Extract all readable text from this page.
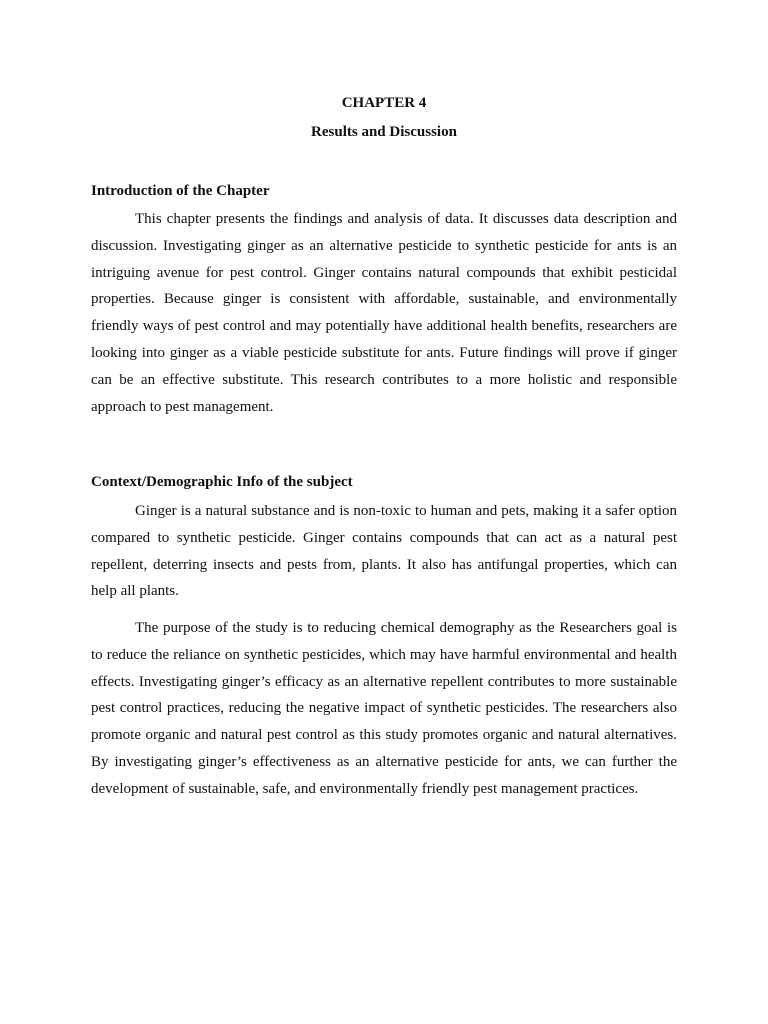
CHAPTER 4
Results and Discussion
Introduction of the Chapter

This chapter presents the findings and analysis of data. It discusses data description and discussion. Investigating ginger as an alternative pesticide to synthetic pesticide for ants is an intriguing avenue for pest control. Ginger contains natural compounds that exhibit pesticidal properties. Because ginger is consistent with affordable, sustainable, and environmentally friendly ways of pest control and may potentially have additional health benefits, researchers are looking into ginger as a viable pesticide substitute for ants. Future findings will prove if ginger can be an effective substitute. This research contributes to a more holistic and responsible approach to pest management.

Context/Demographic Info of the subject

Ginger is a natural substance and is non-toxic to human and pets, making it a safer option compared to synthetic pesticide. Ginger contains compounds that can act as a natural pest repellent, deterring insects and pests from, plants. It also has antifungal properties, which can help all plants.

The purpose of the study is to reducing chemical demography as the Researchers goal is to reduce the reliance on synthetic pesticides, which may have harmful environmental and health effects. Investigating ginger’s efficacy as an alternative repellent contributes to more sustainable pest control practices, reducing the negative impact of synthetic pesticides. The researchers also promote organic and natural pest control as this study promotes organic and natural alternatives. By investigating ginger’s effectiveness as an alternative pesticide for ants, we can further the development of sustainable, safe, and environmentally friendly pest management practices.
